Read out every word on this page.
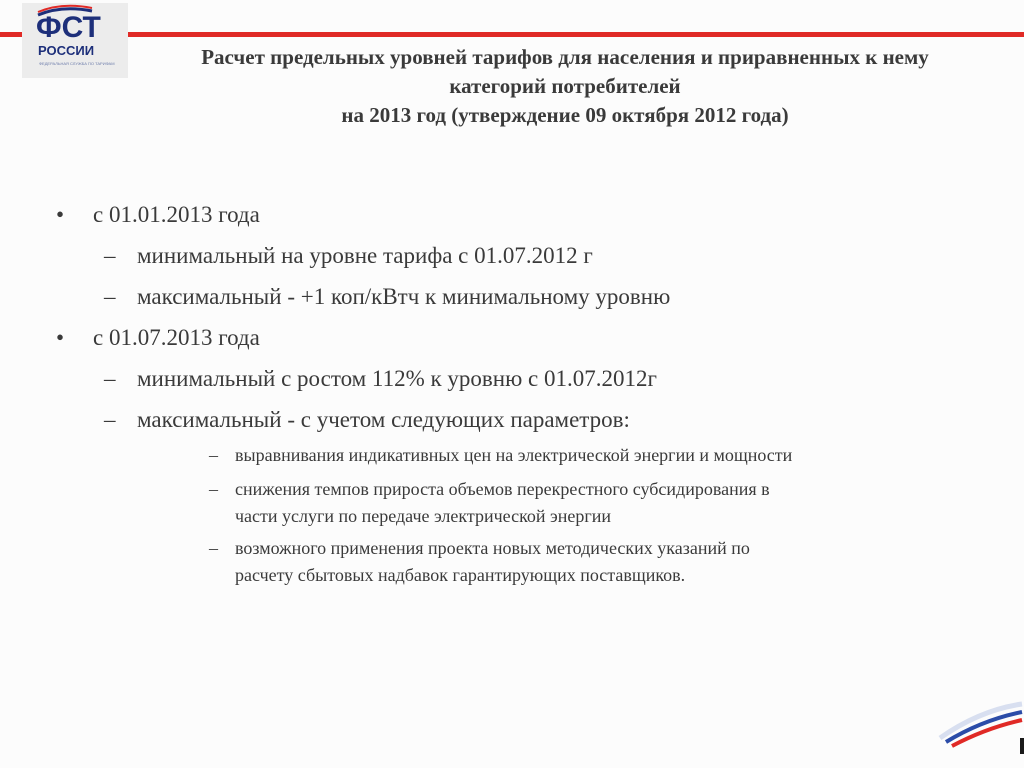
ФСТ
РОССИИ
ФЕДЕРАЛЬНАЯ СЛУЖБА ПО ТАРИФАМ	Расчет предельных уровней тарифов для населения и приравненных к нему
категорий потребителей
на 2013 год (утверждение 09 октября 2012 года)
• с 01.01.2013 года
– минимальный на уровне тарифа с 01.07.2012 г
– максимальный - +1 коп/кВтч к минимальному уровню
• с 01.07.2013 года
– минимальный с ростом 112% к уровню с 01.07.2012г
– максимальный - с учетом следующих параметров:
– выравнивания индикативных цен на электрической энергии и мощности
– снижения темпов прироста объемов перекрестного субсидирования в
части услуги по передаче электрической энергии
– возможного применения проекта новых методических указаний по
расчету сбытовых надбавок гарантирующих поставщиков.
